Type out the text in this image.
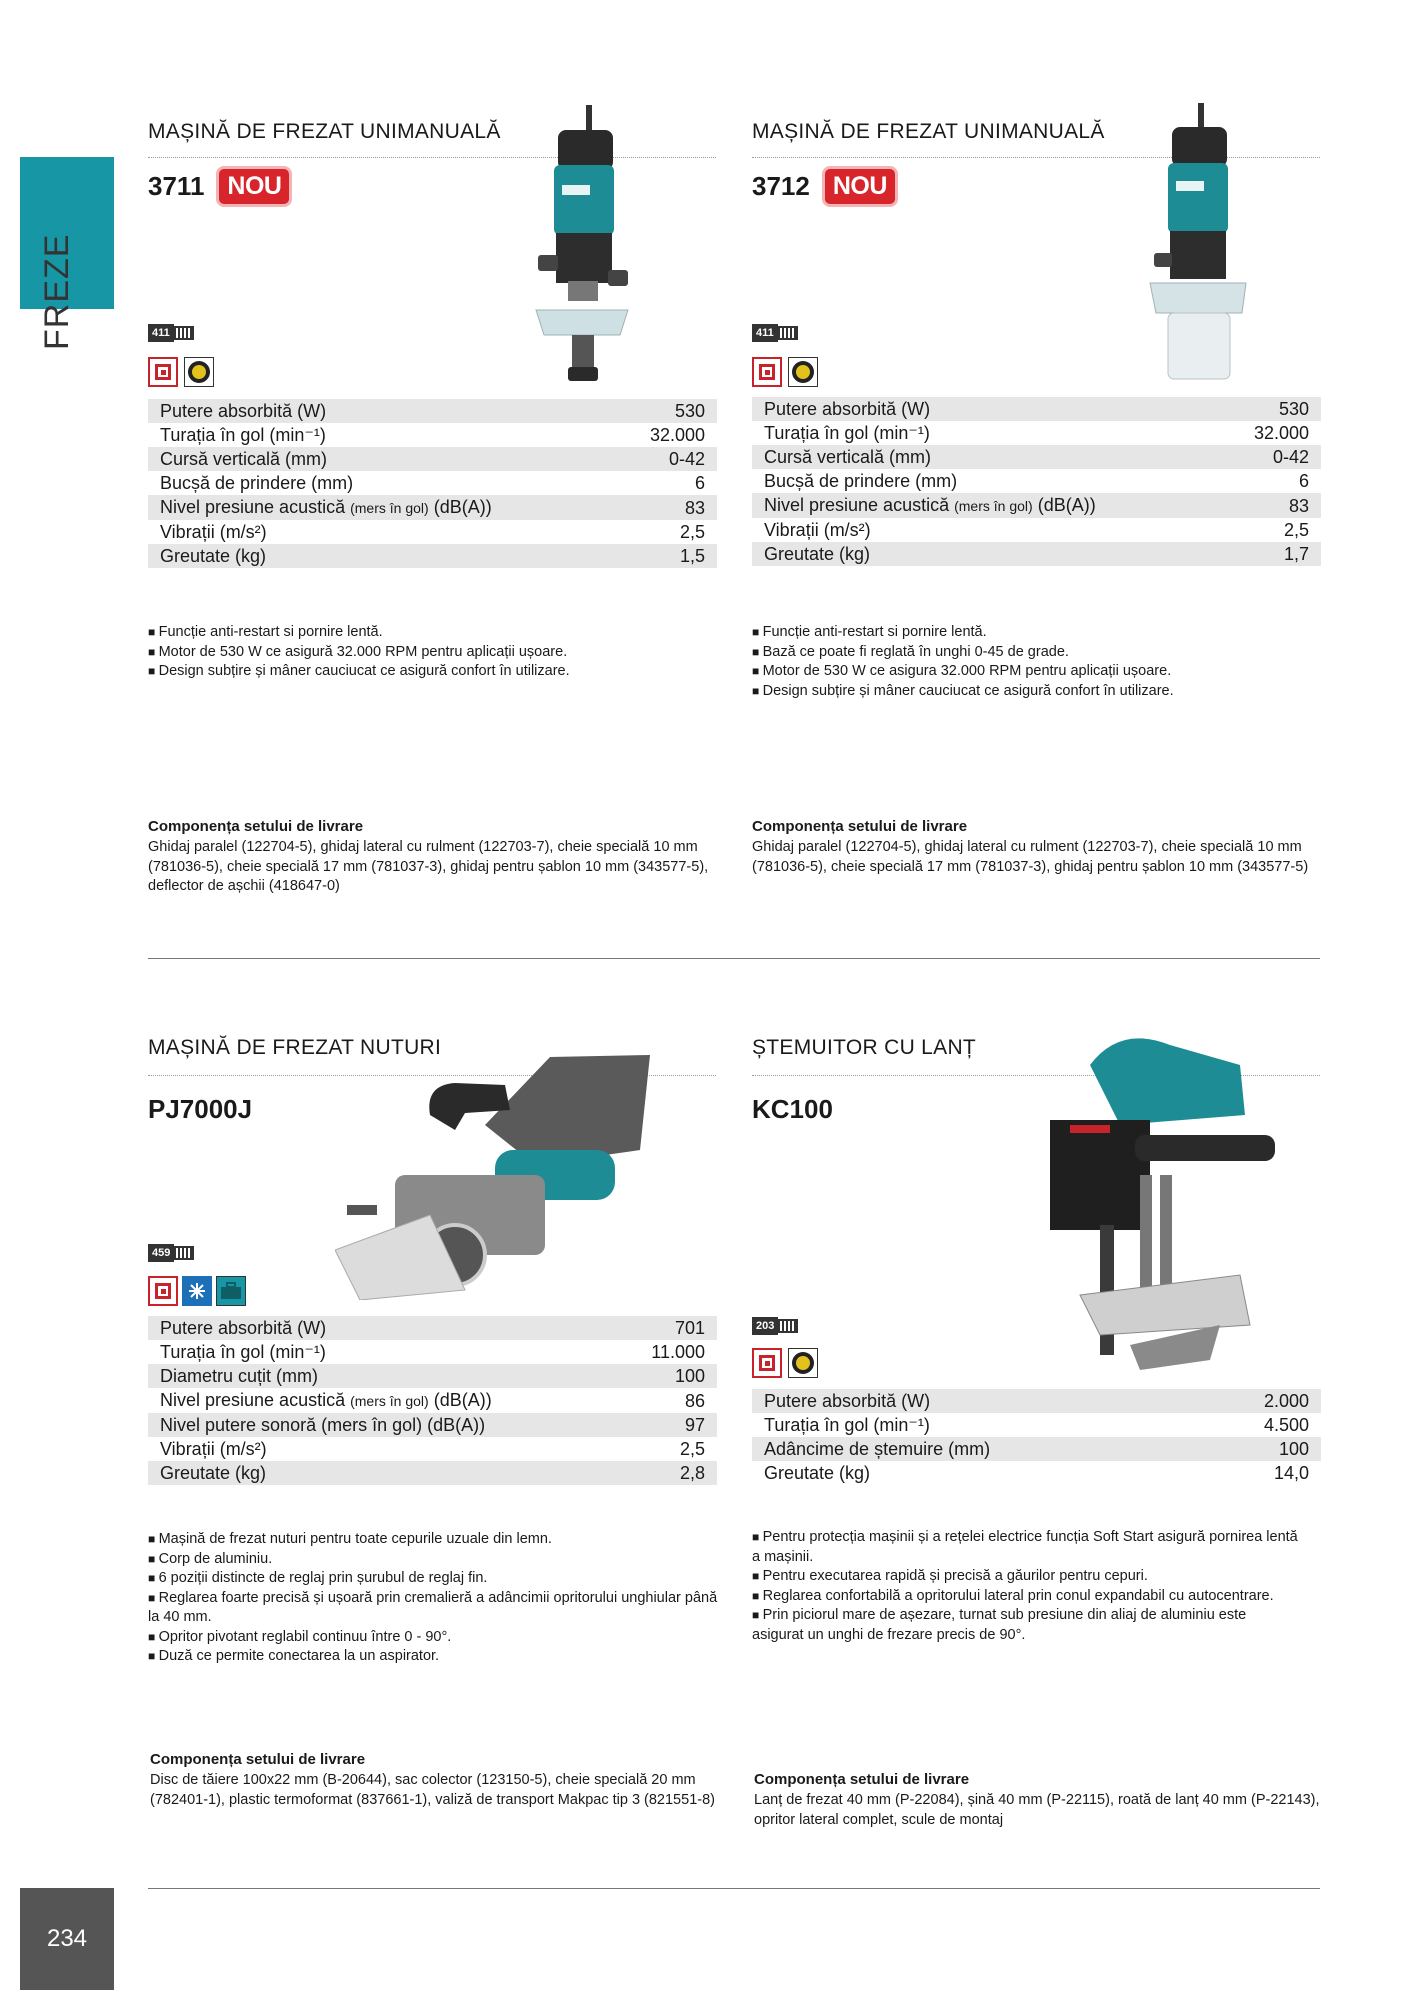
FREZE
234
MAȘINĂ DE FREZAT UNIMANUALĂ
3711 NOU
411
Putere absorbită (W)	530
Turația în gol (min⁻¹)	32.000
Cursă verticală (mm)	0-42
Bucșă de prindere (mm)	6
Nivel presiune acustică (mers în gol) (dB(A))	83
Vibrații (m/s²)	2,5
Greutate (kg)	1,5
■ Funcție anti-restart si pornire lentă.
■ Motor de 530 W ce asigură 32.000 RPM pentru aplicații ușoare.
■ Design subțire și mâner cauciucat ce asigură confort în utilizare.
Componența setului de livrare
Ghidaj paralel (122704-5), ghidaj lateral cu rulment (122703-7), cheie specială 10 mm (781036-5), cheie specială 17 mm (781037-3), ghidaj pentru șablon 10 mm (343577-5), deflector de așchii (418647-0)
MAȘINĂ DE FREZAT UNIMANUALĂ
3712 NOU
411
Putere absorbită (W)	530
Turația în gol (min⁻¹)	32.000
Cursă verticală (mm)	0-42
Bucșă de prindere (mm)	6
Nivel presiune acustică (mers în gol) (dB(A))	83
Vibrații (m/s²)	2,5
Greutate (kg)	1,7
■ Funcție anti-restart si pornire lentă.
■ Bază ce poate fi reglată în unghi 0-45 de grade.
■ Motor de 530 W ce asigura 32.000 RPM pentru aplicații ușoare.
■ Design subțire și mâner cauciucat ce asigură confort în utilizare.
Componența setului de livrare
Ghidaj paralel (122704-5), ghidaj lateral cu rulment (122703-7), cheie specială 10 mm (781036-5), cheie specială 17 mm (781037-3), ghidaj pentru șablon 10 mm (343577-5)
MAȘINĂ DE FREZAT NUTURI
PJ7000J
459
Putere absorbită (W)	701
Turația în gol (min⁻¹)	11.000
Diametru cuțit (mm)	100
Nivel presiune acustică (mers în gol) (dB(A))	86
Nivel putere sonoră (mers în gol) (dB(A))	97
Vibrații (m/s²)	2,5
Greutate (kg)	2,8
■ Mașină de frezat nuturi pentru toate cepurile uzuale din lemn.
■ Corp de aluminiu.
■ 6 poziții distincte de reglaj prin șurubul de reglaj fin.
■ Reglarea foarte precisă și ușoară prin cremalieră a adâncimii opritorului unghiular până la 40 mm.
■ Opritor pivotant reglabil continuu între 0 - 90°.
■ Duză ce permite conectarea la un aspirator.
Componența setului de livrare
Disc de tăiere 100x22 mm (B-20644), sac colector (123150-5), cheie specială 20 mm (782401-1), plastic termoformat (837661-1), valiză de transport Makpac tip 3 (821551-8)
ȘTEMUITOR CU LANȚ
KC100
203
Putere absorbită (W)	2.000
Turația în gol (min⁻¹)	4.500
Adâncime de ștemuire (mm)	100
Greutate (kg)	14,0
■ Pentru protecția mașinii și a rețelei electrice funcția Soft Start asigură pornirea lentă a mașinii.
■ Pentru executarea rapidă și precisă a găurilor pentru cepuri.
■ Reglarea confortabilă a opritorului lateral prin conul expandabil cu autocentrare.
■ Prin piciorul mare de așezare, turnat sub presiune din aliaj de aluminiu este asigurat un unghi de frezare precis de 90°.
Componența setului de livrare
Lanț de frezat 40 mm (P-22084), șină 40 mm (P-22115), roată de lanț 40 mm (P-22143), opritor lateral complet, scule de montaj
